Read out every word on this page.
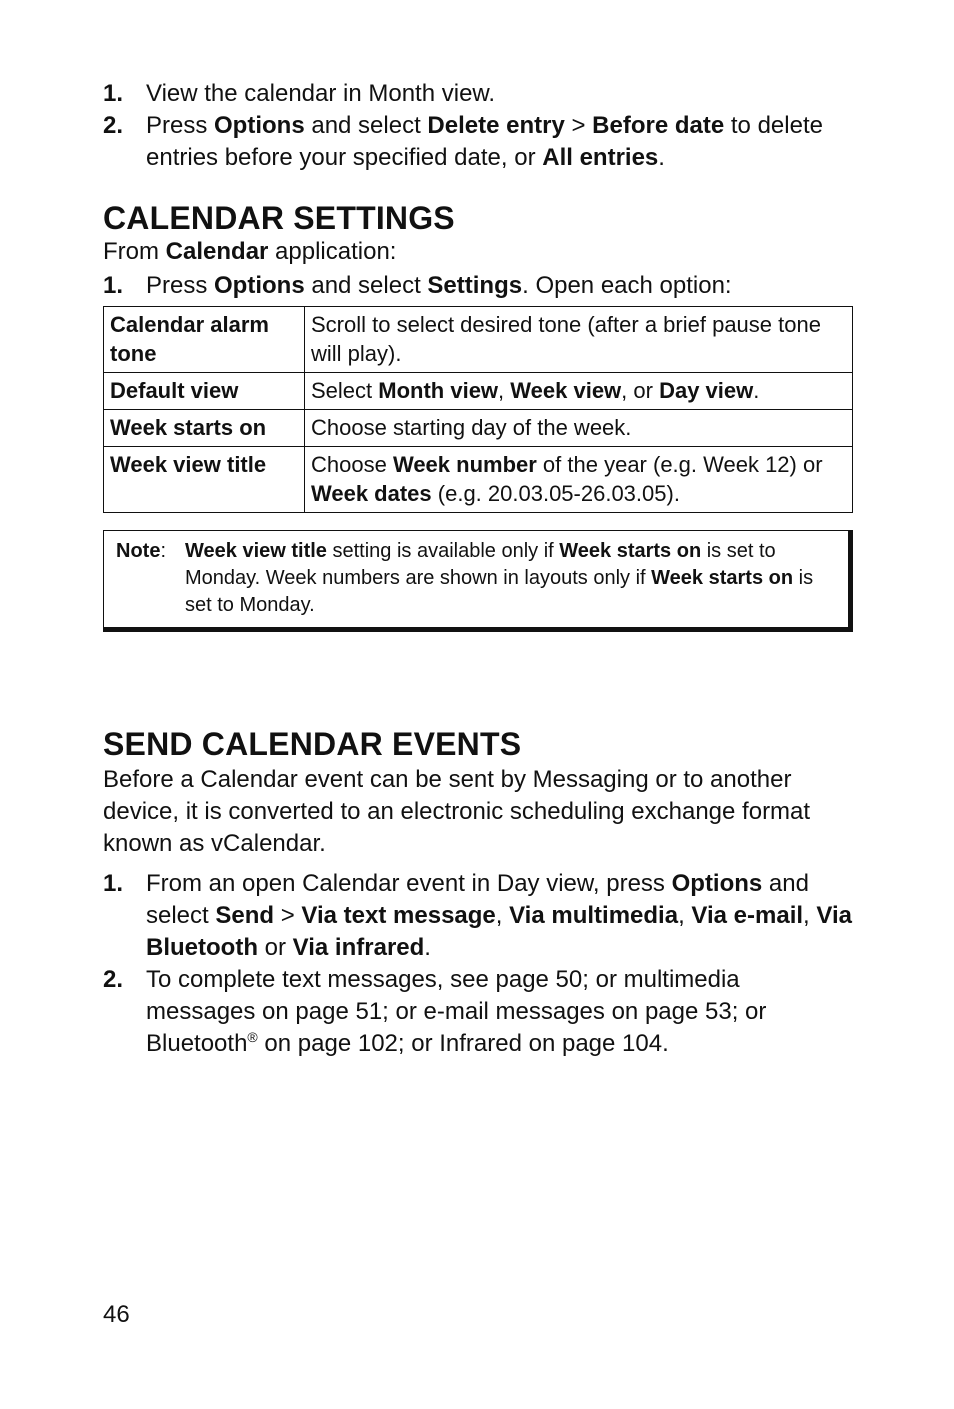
1. View the calendar in Month view.
2. Press Options and select Delete entry > Before date to delete entries before your specified date, or All entries.
CALENDAR SETTINGS
From Calendar application:
1. Press Options and select Settings. Open each option:
Calendar alarm tone	Scroll to select desired tone (after a brief pause tone will play).
Default view	Select Month view, Week view, or Day view.
Week starts on	Choose starting day of the week.
Week view title	Choose Week number of the year (e.g. Week 12) or Week dates (e.g. 20.03.05-26.03.05).
Note: Week view title setting is available only if Week starts on is set to Monday. Week numbers are shown in layouts only if Week starts on is set to Monday.
SEND CALENDAR EVENTS
Before a Calendar event can be sent by Messaging or to another device, it is converted to an electronic scheduling exchange format known as vCalendar.
1. From an open Calendar event in Day view, press Options and select Send > Via text message, Via multimedia, Via e-mail, Via Bluetooth or Via infrared.
2. To complete text messages, see page 50; or multimedia messages on page 51; or e-mail messages on page 53; or Bluetooth® on page 102; or Infrared on page 104.
46
